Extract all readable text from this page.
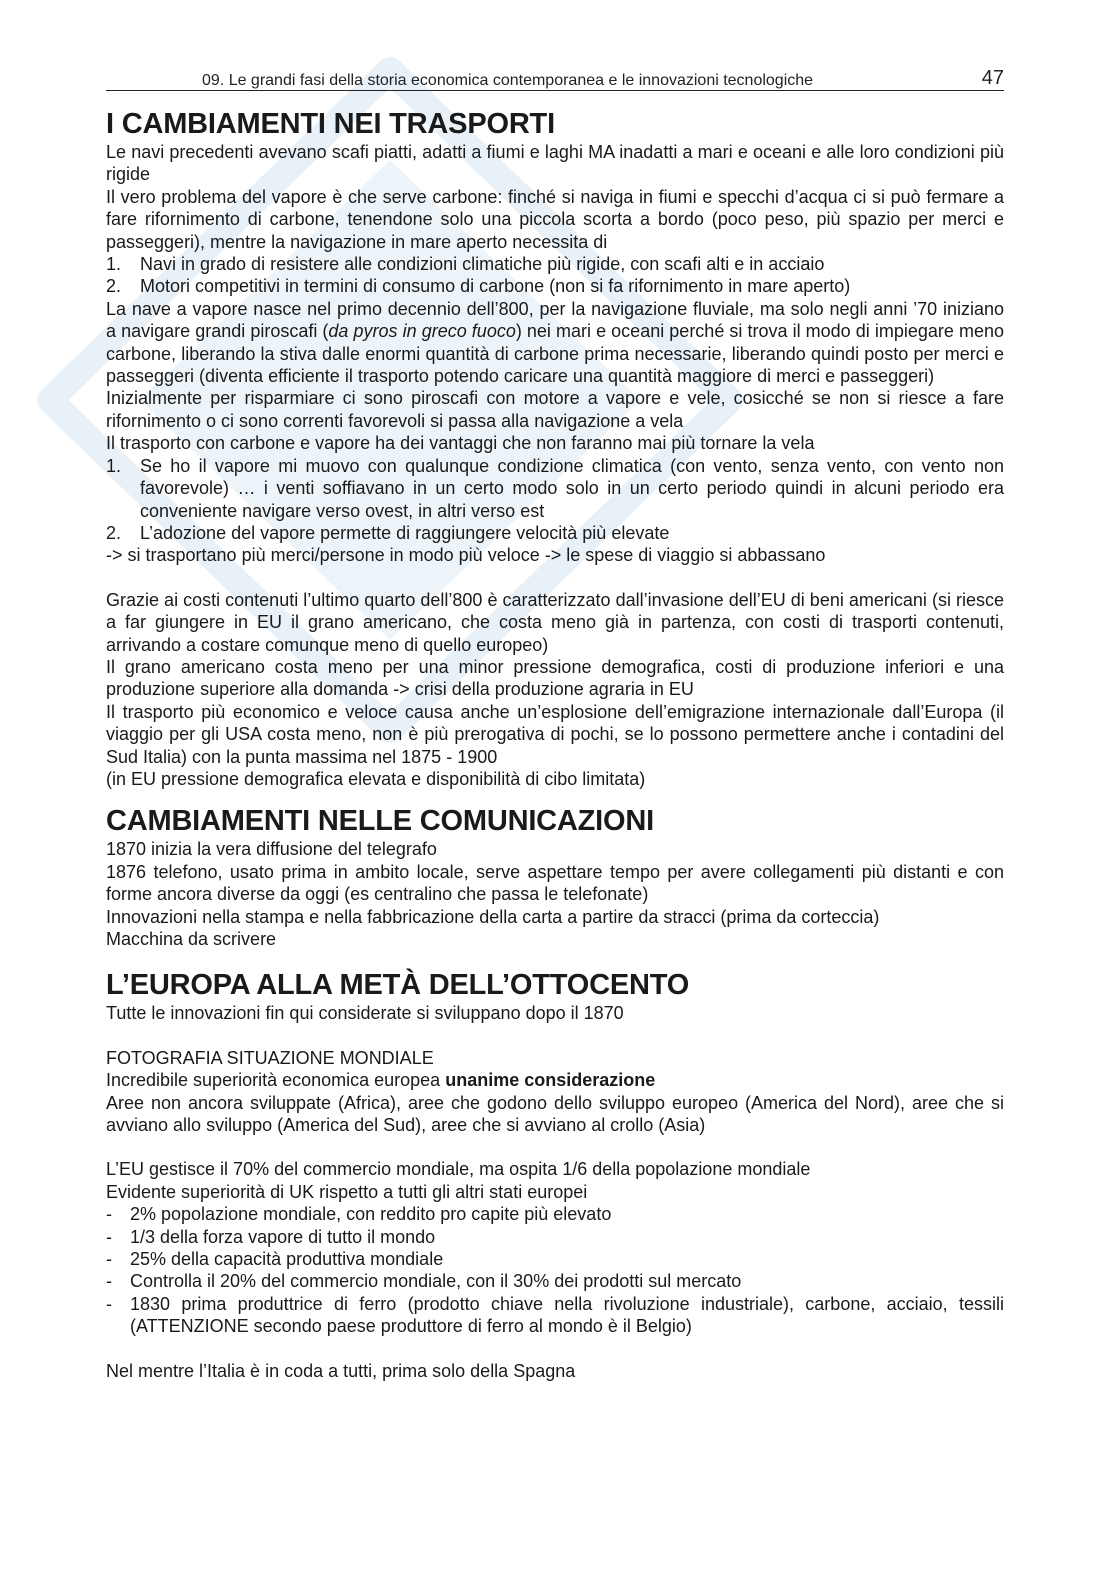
09. Le grandi fasi della storia economica contemporanea e le innovazioni tecnologiche	47
I CAMBIAMENTI NEI TRASPORTI

Le navi precedenti avevano scafi piatti, adatti a fiumi e laghi MA inadatti a mari e oceani e alle loro condizioni più rigide

Il vero problema del vapore è che serve carbone: finché si naviga in fiumi e specchi d’acqua ci si può fermare a fare rifornimento di carbone, tenendone solo una piccola scorta a bordo (poco peso, più spazio per merci e passeggeri), mentre la navigazione in mare aperto necessita di

1. Navi in grado di resistere alle condizioni climatiche più rigide, con scafi alti e in acciaio
2. Motori competitivi in termini di consumo di carbone (non si fa rifornimento in mare aperto)

La nave a vapore nasce nel primo decennio dell’800, per la navigazione fluviale, ma solo negli anni ’70 iniziano a navigare grandi piroscafi (da pyros in greco fuoco) nei mari e oceani perché si trova il modo di impiegare meno carbone, liberando la stiva dalle enormi quantità di carbone prima necessarie, liberando quindi posto per merci e passeggeri (diventa efficiente il trasporto potendo caricare una quantità maggiore di merci e passeggeri)

Inizialmente per risparmiare ci sono piroscafi con motore a vapore e vele, cosicché se non si riesce a fare rifornimento o ci sono correnti favorevoli si passa alla navigazione a vela

Il trasporto con carbone e vapore ha dei vantaggi che non faranno mai più tornare la vela

1. Se ho il vapore mi muovo con qualunque condizione climatica (con vento, senza vento, con vento non favorevole) … i venti soffiavano in un certo modo solo in un certo periodo quindi in alcuni periodo era conveniente navigare verso ovest, in altri verso est
2. L’adozione del vapore permette di raggiungere velocità più elevate

-> si trasportano più merci/persone in modo più veloce -> le spese di viaggio si abbassano

Grazie ai costi contenuti l’ultimo quarto dell’800 è caratterizzato dall’invasione dell’EU di beni americani (si riesce a far giungere in EU il grano americano, che costa meno già in partenza, con costi di trasporti contenuti, arrivando a costare comunque meno di quello europeo)

Il grano americano costa meno per una minor pressione demografica, costi di produzione inferiori e una produzione superiore alla domanda -> crisi della produzione agraria in EU

Il trasporto più economico e veloce causa anche un’esplosione dell’emigrazione internazionale dall’Europa (il viaggio per gli USA costa meno, non è più prerogativa di pochi, se lo possono permettere anche i contadini del Sud Italia) con la punta massima nel 1875 - 1900

(in EU pressione demografica elevata e disponibilità di cibo limitata)

CAMBIAMENTI NELLE COMUNICAZIONI

1870 inizia la vera diffusione del telegrafo

1876 telefono, usato prima in ambito locale, serve aspettare tempo per avere collegamenti più distanti e con forme ancora diverse da oggi (es centralino che passa le telefonate)

Innovazioni nella stampa e nella fabbricazione della carta a partire da stracci (prima da corteccia)

Macchina da scrivere

L’EUROPA ALLA METÀ DELL’OTTOCENTO

Tutte le innovazioni fin qui considerate si sviluppano dopo il 1870

FOTOGRAFIA SITUAZIONE MONDIALE

Incredibile superiorità economica europea unanime considerazione

Aree non ancora sviluppate (Africa), aree che godono dello sviluppo europeo (America del Nord), aree che si avviano allo sviluppo (America del Sud), aree che si avviano al crollo (Asia)

L’EU gestisce il 70% del commercio mondiale, ma ospita 1/6 della popolazione mondiale

Evidente superiorità di UK rispetto a tutti gli altri stati europei

- 2% popolazione mondiale, con reddito pro capite più elevato
- 1/3 della forza vapore di tutto il mondo
- 25% della capacità produttiva mondiale
- Controlla il 20% del commercio mondiale, con il 30% dei prodotti sul mercato
- 1830 prima produttrice di ferro (prodotto chiave nella rivoluzione industriale), carbone, acciaio, tessili (ATTENZIONE secondo paese produttore di ferro al mondo è il Belgio)

Nel mentre l’Italia è in coda a tutti, prima solo della Spagna
